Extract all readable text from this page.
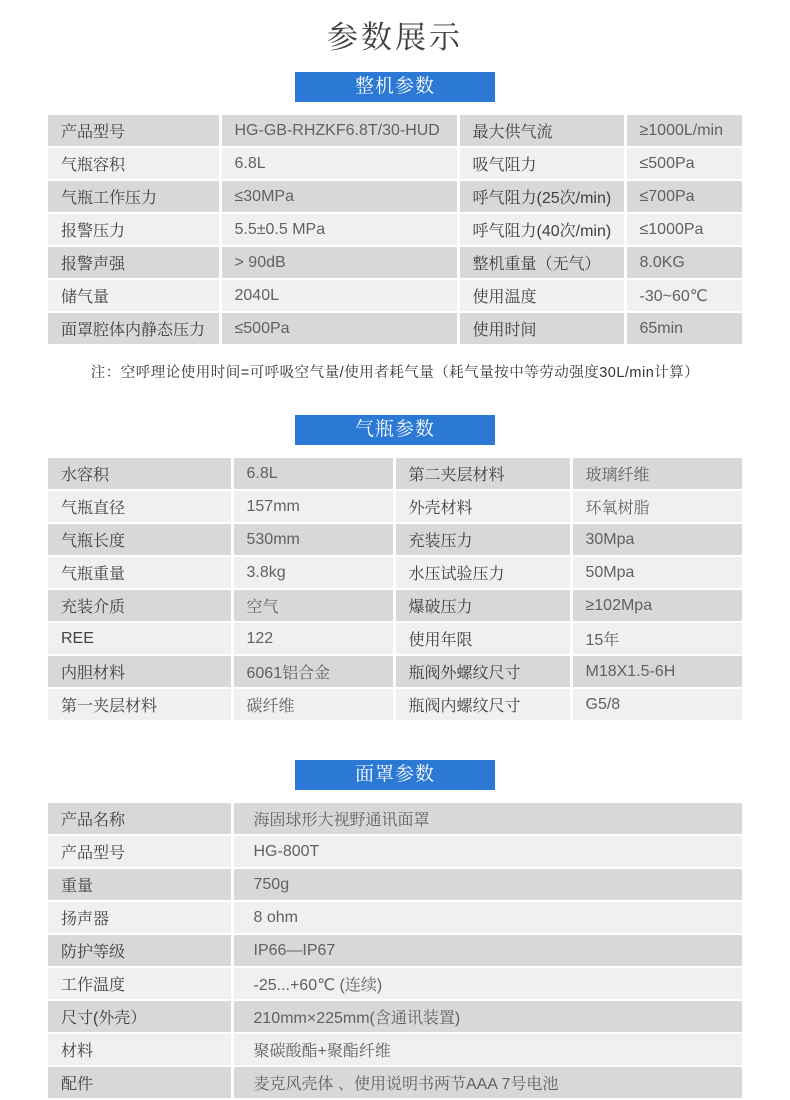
参数展示
整机参数
产品型号	HG-GB-RHZKF6.8T/30-HUD	最大供气流	≥1000L/min
气瓶容积	6.8L	吸气阻力	≤500Pa
气瓶工作压力	≤30MPa	呼气阻力(25次/min)	≤700Pa
报警压力	5.5±0.5 MPa	呼气阻力(40次/min)	≤1000Pa
报警声强	> 90dB	整机重量（无气）	8.0KG
储气量	2040L	使用温度	-30~60℃
面罩腔体内静态压力	≤500Pa	使用时间	65min

注：空呼理论使用时间=可呼吸空气量/使用者耗气量（耗气量按中等劳动强度30L/min计算）

气瓶参数
水容积	6.8L	第二夹层材料	玻璃纤维
气瓶直径	157mm	外壳材料	环氧树脂
气瓶长度	530mm	充装压力	30Mpa
气瓶重量	3.8kg	水压试验压力	50Mpa
充装介质	空气	爆破压力	≥102Mpa
REE	122	使用年限	15年
内胆材料	6061铝合金	瓶阀外螺纹尺寸	M18X1.5-6H
第一夹层材料	碳纤维	瓶阀内螺纹尺寸	G5/8
面罩参数
产品名称	海固球形大视野通讯面罩
产品型号	HG-800T
重量	750g
扬声器	8 ohm
防护等级	IP66—IP67
工作温度	-25...+60℃ (连续)
尺寸(外壳）	210mm×225mm(含通讯装置)
材料	聚碳酸酯+聚酯纤维
配件	麦克风壳体 、使用说明书两节AAA 7号电池
